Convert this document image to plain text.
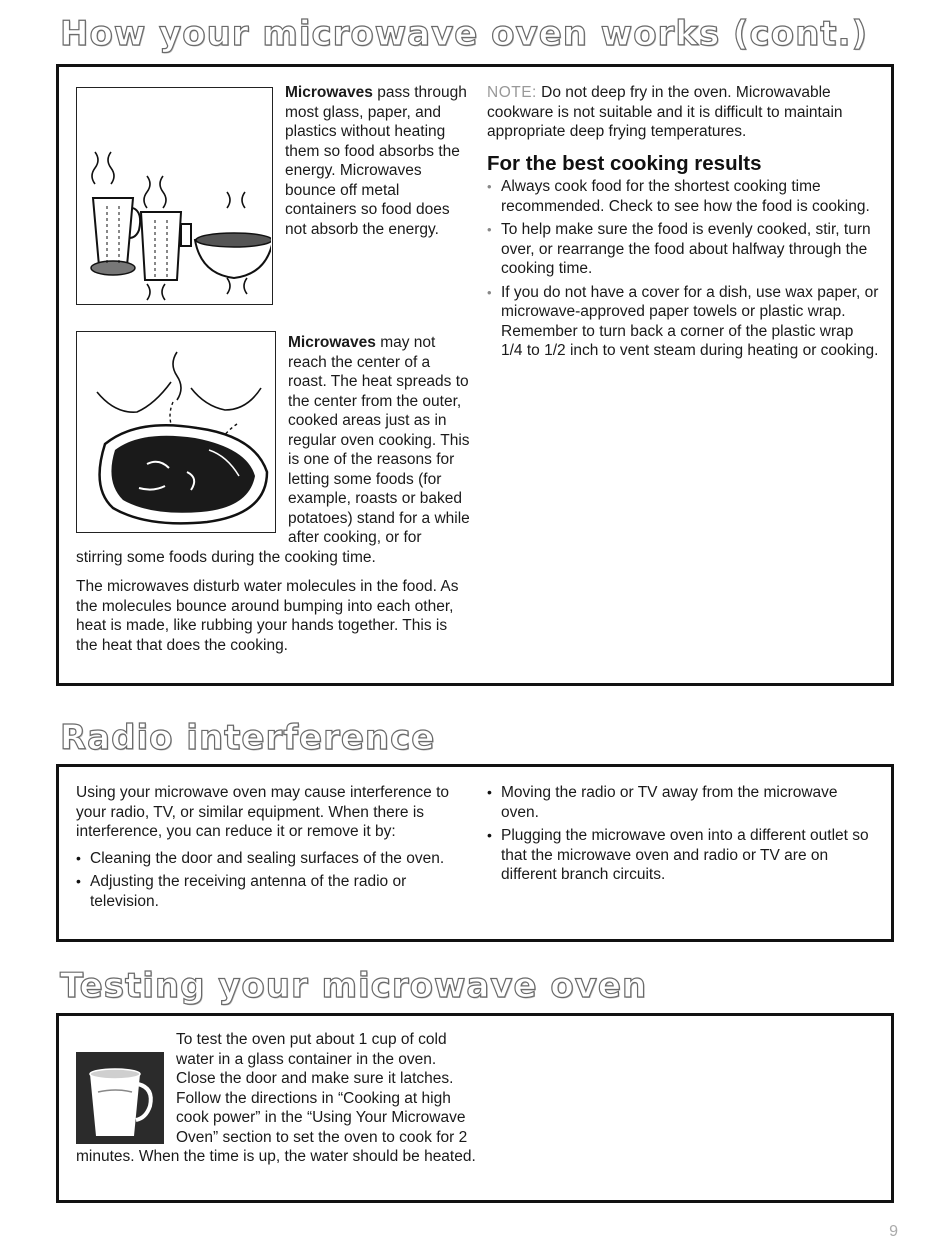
How your microwave oven works (cont.)

Microwaves pass through most glass, paper, and plastics without heating them so food absorbs the energy. Microwaves bounce off metal containers so food does not absorb the energy.

Microwaves may not reach the center of a roast. The heat spreads to the center from the outer, cooked areas just as in regular oven cooking. This is one of the reasons for letting some foods (for example, roasts or baked potatoes) stand for a while after cooking, or for stirring some foods during the cooking time.

The microwaves disturb water molecules in the food. As the molecules bounce around bumping into each other, heat is made, like rubbing your hands together. This is the heat that does the cooking.

NOTE: Do not deep fry in the oven. Microwavable cookware is not suitable and it is difficult to maintain appropriate deep frying temperatures.

For the best cooking results
• Always cook food for the shortest cooking time recommended. Check to see how the food is cooking.
• To help make sure the food is evenly cooked, stir, turn over, or rearrange the food about halfway through the cooking time.
• If you do not have a cover for a dish, use wax paper, or microwave-approved paper towels or plastic wrap. Remember to turn back a corner of the plastic wrap 1/4 to 1/2 inch to vent steam during heating or cooking.
Radio interference

Using your microwave oven may cause interference to your radio, TV, or similar equipment. When there is interference, you can reduce it or remove it by:

• Cleaning the door and sealing surfaces of the oven.
• Adjusting the receiving antenna of the radio or television.
• Moving the radio or TV away from the microwave oven.
• Plugging the microwave oven into a different outlet so that the microwave oven and radio or TV are on different branch circuits.
Testing your microwave oven

To test the oven put about 1 cup of cold water in a glass container in the oven. Close the door and make sure it latches. Follow the directions in “Cooking at high cook power” in the “Using Your Microwave Oven” section to set the oven to cook for 2 minutes. When the time is up, the water should be heated.

9
